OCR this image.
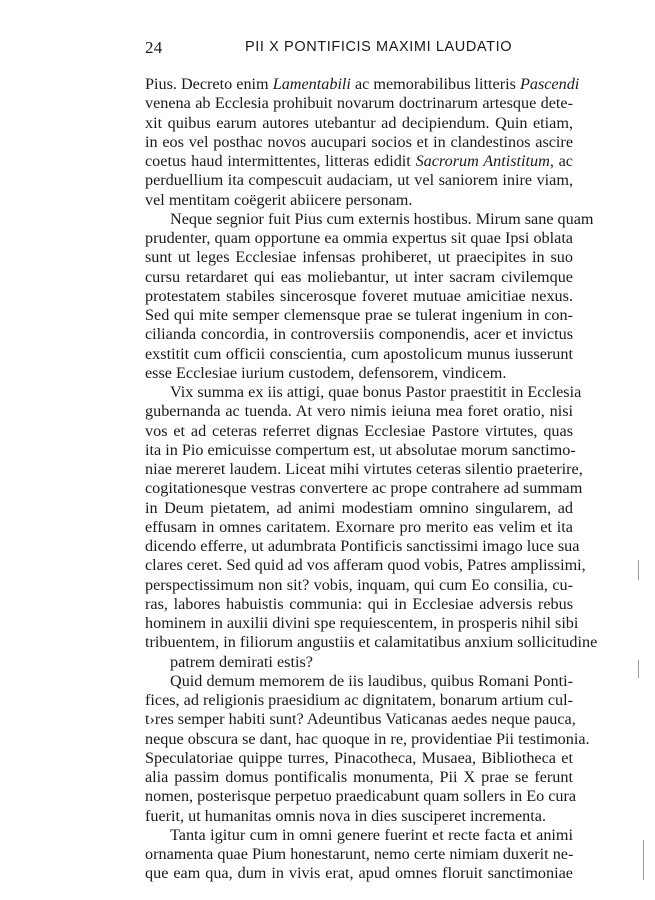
24	PII X PONTIFICIS MAXIMI LAUDATIO
Pius. Decreto enim Lamentabili ac memorabilibus litteris Pascendi
venena ab Ecclesia prohibuit novarum doctrinarum artesque dete-
xit quibus earum autores utebantur ad decipiendum. Quin etiam,
in eos vel posthac novos aucupari socios et in clandestinos ascire
coetus haud intermittentes, litteras edidit Sacrorum Antistitum, ac
perduellium ita compescuit audaciam, ut vel saniorem inire viam,
vel mentitam coëgerit abiicere personam.
Neque segnior fuit Pius cum externis hostibus. Mirum sane quam
prudenter, quam opportune ea ommia expertus sit quae Ipsi oblata
sunt ut leges Ecclesiae infensas prohiberet, ut praecipites in suo
cursu retardaret qui eas moliebantur, ut inter sacram civilemque
protestatem stabiles sincerosque foveret mutuae amicitiae nexus.
Sed qui mite semper clemensque prae se tulerat ingenium in con-
cilianda concordia, in controversiis componendis, acer et invictus
exstitit cum officii conscientia, cum apostolicum munus iusserunt
esse Ecclesiae iurium custodem, defensorem, vindicem.
Vix summa ex iis attigi, quae bonus Pastor praestitit in Ecclesia
gubernanda ac tuenda. At vero nimis ieiuna mea foret oratio, nisi
vos et ad ceteras referret dignas Ecclesiae Pastore virtutes, quas
ita in Pio emicuisse compertum est, ut absolutae morum sanctimo-
niae mereret laudem. Liceat mihi virtutes ceteras silentio praeterire,
cogitationesque vestras convertere ac prope contrahere ad summam
in Deum pietatem, ad animi modestiam omnino singularem, ad
effusam in omnes caritatem. Exornare pro merito eas velim et ita
dicendo efferre, ut adumbrata Pontificis sanctissimi imago luce sua
clares ceret. Sed quid ad vos afferam quod vobis, Patres amplissimi,
perspectissimum non sit? vobis, inquam, qui cum Eo consilia, cu-
ras, labores habuistis communia: qui in Ecclesiae adversis rebus
hominem in auxilii divini spe requiescentem, in prosperis nihil sibi
tribuentem, in filiorum angustiis et calamitatibus anxium sollicitudine
patrem demirati estis?
Quid demum memorem de iis laudibus, quibus Romani Ponti-
fices, ad religionis praesidium ac dignitatem, bonarum artium cul-
t›res semper habiti sunt? Adeuntibus Vaticanas aedes neque pauca,
neque obscura se dant, hac quoque in re, providentiae Pii testimonia.
Speculatoriae quippe turres, Pinacotheca, Musaea, Bibliotheca et
alia passim domus pontificalis monumenta, Pii X prae se ferunt
nomen, posterisque perpetuo praedicabunt quam sollers in Eo cura
fuerit, ut humanitas omnis nova in dies susciperet incrementa.
Tanta igitur cum in omni genere fuerint et recte facta et animi
ornamenta quae Pium honestarunt, nemo certe nimiam duxerit ne-
que eam qua, dum in vivis erat, apud omnes floruit sanctimoniae
